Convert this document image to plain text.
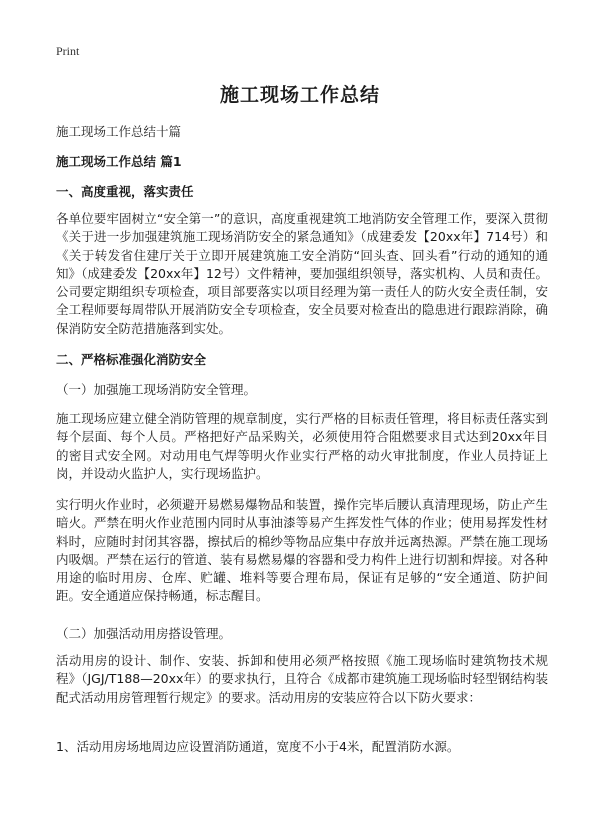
Print
施工现场工作总结
施工现场工作总结十篇
施工现场工作总结 篇1
一、高度重视，落实责任
各单位要牢固树立“安全第一”的意识，高度重视建筑工地消防安全管理工作，要深入贯彻《关于进一步加强建筑施工现场消防安全的紧急通知》（成建委发【20xx年】714号）和《关于转发省住建厅关于立即开展建筑施工安全消防“回头查、回头看”行动的通知的通知》（成建委发【20xx年】12号）文件精神，要加强组织领导，落实机构、人员和责任。公司要定期组织专项检查，项目部要落实以项目经理为第一责任人的防火安全责任制，安全工程师要每周带队开展消防安全专项检查，安全员要对检查出的隐患进行跟踪消除，确保消防安全防范措施落到实处。
二、严格标准强化消防安全
（一）加强施工现场消防安全管理。
施工现场应建立健全消防管理的规章制度，实行严格的目标责任管理，将目标责任落实到每个层面、每个人员。严格把好产品采购关，必须使用符合阻燃要求目式达到20xx年目的密目式安全网。对动用电气焊等明火作业实行严格的动火审批制度，作业人员持证上岗，并设动火监护人，实行现场监护。
实行明火作业时，必须避开易燃易爆物品和装置，操作完毕后腰认真清理现场，防止产生暗火。严禁在明火作业范围内同时从事油漆等易产生挥发性气体的作业；使用易挥发性材料时，应随时封闭其容器，擦拭后的棉纱等物品应集中存放并远离热源。严禁在施工现场内吸烟。严禁在运行的管道、装有易燃易爆的容器和受力构件上进行切割和焊接。对各种用途的临时用房、仓库、贮罐、堆料等要合理布局，保证有足够的“安全通道、防护间距。安全通道应保持畅通，标志醒目。
（二）加强活动用房搭设管理。
活动用房的设计、制作、安装、拆卸和使用必须严格按照《施工现场临时建筑物技术规程》（JGJ/T188—20xx年）的要求执行，且符合《成都市建筑施工现场临时轻型钢结构装配式活动用房管理暂行规定》的要求。活动用房的安装应符合以下防火要求：
1、活动用房场地周边应设置消防通道，宽度不小于4米，配置消防水源。
